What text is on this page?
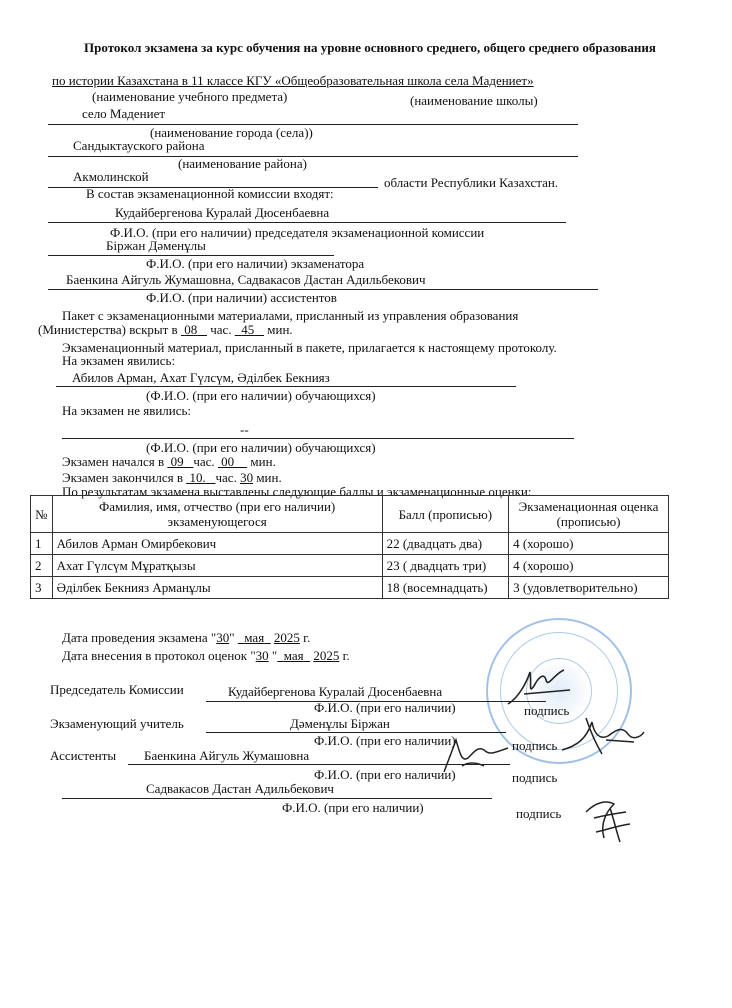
Протокол экзамена за курс обучения на уровне основного среднего, общего среднего образования
по истории Казахстана в 11 классе КГУ «Общеобразовательная школа села Мадениет»
(наименование учебного предмета)	(наименование школы)
село Мадениет
(наименование города (села))
Сандыктауского района
(наименование района)
Акмолинской	области Республики Казахстан.
В состав экзаменационной комиссии входят:
Кудайбергенова Куралай Дюсенбаевна
Ф.И.О. (при его наличии) председателя экзаменационной комиссии
Біржан Дәменұлы
Ф.И.О. (при его наличии) экзаменатора
Баенкина Айгуль Жумашовна, Садвакасов Дастан Адильбекович
Ф.И.О. (при наличии) ассистентов
Пакет с экзаменационными материалами, присланный из управления образования
(Министерства) вскрыт в 08 час. 45 мин.
Экзаменационный материал, присланный в пакете, прилагается к настоящему протоколу.
На экзамен явились:
Абилов Арман, Ахат Гүлсүм, Әділбек Бекнияз
(Ф.И.О. (при его наличии) обучающихся)
На экзамен не явились:
--
(Ф.И.О. (при его наличии) обучающихся)
Экзамен начался в 09 час. 00 мин.
Экзамен закончился в 10. час. 30 мин.
По результатам экзамена выставлены следующие баллы и экзаменационные оценки:
№	Фамилия, имя, отчество (при его наличии) экзаменующегося	Балл (прописью)	Экзаменационная оценка (прописью)
1	Абилов Арман Омирбекович	22 (двадцать два)	4 (хорошо)
2	Ахат Гүлсүм Мұратқызы	23 ( двадцать три)	4 (хорошо)
3	Әділбек Бекнияз Арманұлы	18 (восемнадцать)	3 (удовлетворительно)
Дата проведения экзамена "30"   мая 2025 г.
Дата внесения в протокол оценок "30 " мая 2025 г.
Председатель Комиссии	Кудайбергенова Куралай Дюсенбаевна
Ф.И.О. (при его наличии)	подпись
Экзаменующий учитель	Дәменұлы Біржан
Ф.И.О. (при его наличии)	подпись
Ассистенты Баенкина Айгуль Жумашовна
Ф.И.О. (при его наличии)	подпись
Садвакасов Дастан Адильбекович
Ф.И.О. (при его наличии)	подпись
